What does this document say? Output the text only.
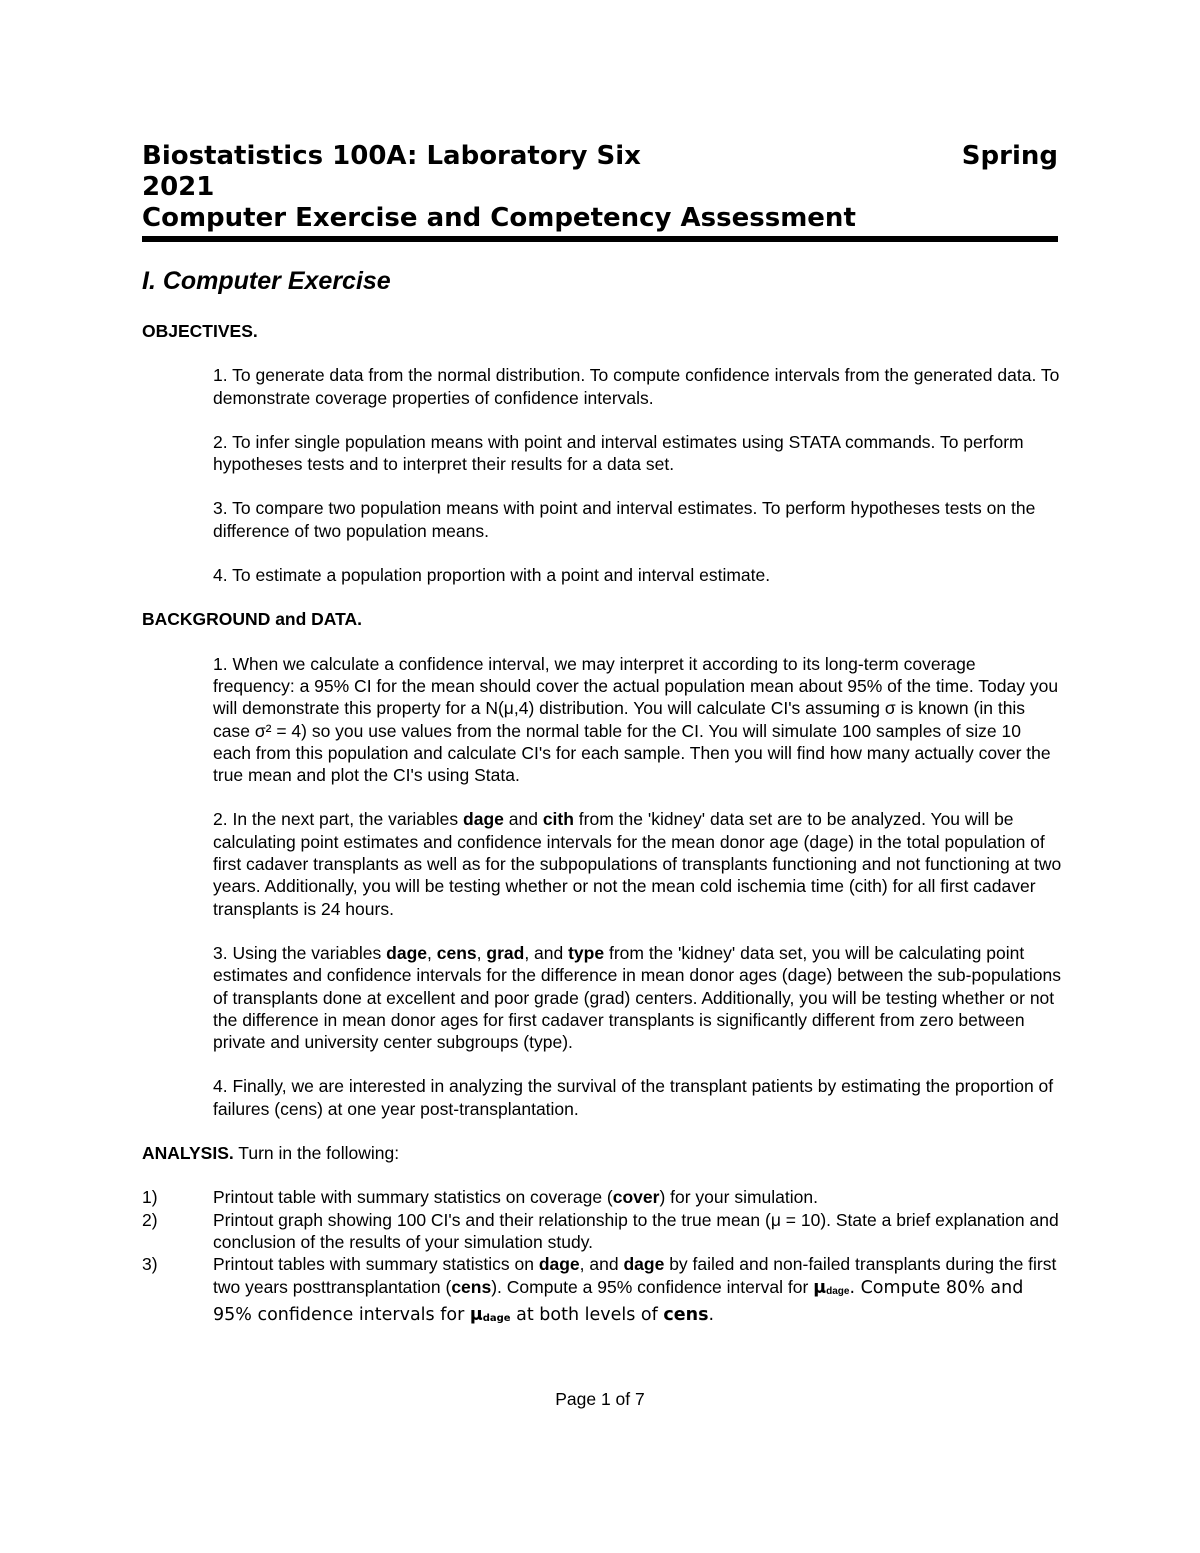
Biostatistics 100A: Laboratory Six	Spring
2021
Computer Exercise and Competency Assessment
I. Computer Exercise

OBJECTIVES.

1. To generate data from the normal distribution. To compute confidence intervals from the generated data. To demonstrate coverage properties of confidence intervals.

2. To infer single population means with point and interval estimates using STATA commands. To perform hypotheses tests and to interpret their results for a data set.

3. To compare two population means with point and interval estimates. To perform hypotheses tests on the difference of two population means.

4. To estimate a population proportion with a point and interval estimate.

BACKGROUND and DATA.

1. When we calculate a confidence interval, we may interpret it according to its long-term coverage frequency: a 95% CI for the mean should cover the actual population mean about 95% of the time. Today you will demonstrate this property for a N(μ,4) distribution. You will calculate CI's assuming σ is known (in this case σ² = 4) so you use values from the normal table for the CI. You will simulate 100 samples of size 10 each from this population and calculate CI's for each sample. Then you will find how many actually cover the true mean and plot the CI's using Stata.

2. In the next part, the variables dage and cith from the 'kidney' data set are to be analyzed. You will be calculating point estimates and confidence intervals for the mean donor age (dage) in the total population of first cadaver transplants as well as for the subpopulations of transplants functioning and not functioning at two years. Additionally, you will be testing whether or not the mean cold ischemia time (cith) for all first cadaver transplants is 24 hours.

3. Using the variables dage, cens, grad, and type from the 'kidney' data set, you will be calculating point estimates and confidence intervals for the difference in mean donor ages (dage) between the sub-populations of transplants done at excellent and poor grade (grad) centers. Additionally, you will be testing whether or not the difference in mean donor ages for first cadaver transplants is significantly different from zero between private and university center subgroups (type).

4. Finally, we are interested in analyzing the survival of the transplant patients by estimating the proportion of failures (cens) at one year post-transplantation.

ANALYSIS. Turn in the following:

1)	Printout table with summary statistics on coverage (cover) for your simulation.
2)	Printout graph showing 100 CI's and their relationship to the true mean (μ = 10). State a brief explanation and conclusion of the results of your simulation study.
3)	Printout tables with summary statistics on dage, and dage by failed and non-failed transplants during the first two years posttransplantation (cens). Compute a 95% confidence interval for μdage. Compute 80% and 95% confidence intervals for μdage at both levels of cens.
Page 1 of 7
